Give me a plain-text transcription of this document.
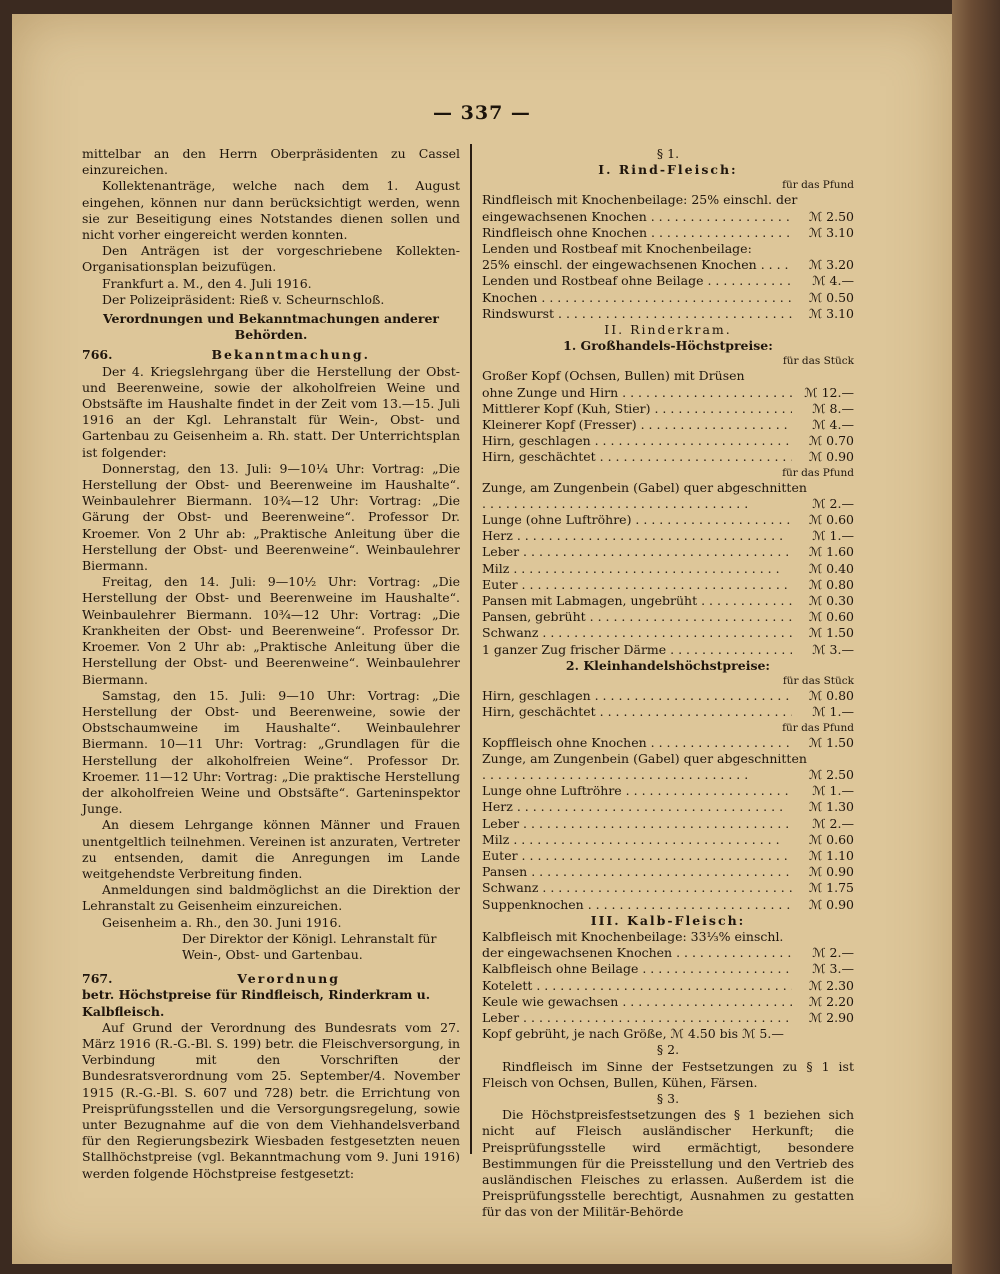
— 337 —

mittelbar an den Herrn Oberpräsidenten zu Cassel einzureichen.

Kollektenanträge, welche nach dem 1. August eingehen, können nur dann berücksichtigt werden, wenn sie zur Beseitigung eines Notstandes dienen sollen und nicht vorher eingereicht werden konnten.

Den Anträgen ist der vorgeschriebene Kollekten-Organisationsplan beizufügen.

Frankfurt a. M., den 4. Juli 1916.

Der Polizeipräsident: Rieß v. Scheurnschloß.

Verordnungen und Bekanntmachungen anderer Behörden.

766.	Bekanntmachung.

Der 4. Kriegslehrgang über die Herstellung der Obst- und Beerenweine, sowie der alkoholfreien Weine und Obstsäfte im Haushalte findet in der Zeit vom 13.—15. Juli 1916 an der Kgl. Lehranstalt für Wein-, Obst- und Gartenbau zu Geisenheim a. Rh. statt. Der Unterrichtsplan ist folgender:

Donnerstag, den 13. Juli: 9—10¼ Uhr: Vortrag: „Die Herstellung der Obst- und Beerenweine im Haushalte“. Weinbaulehrer Biermann. 10¾—12 Uhr: Vortrag: „Die Gärung der Obst- und Beerenweine“. Professor Dr. Kroemer. Von 2 Uhr ab: „Praktische Anleitung über die Herstellung der Obst- und Beerenweine“. Weinbaulehrer Biermann.

Freitag, den 14. Juli: 9—10½ Uhr: Vortrag: „Die Herstellung der Obst- und Beerenweine im Haushalte“. Weinbaulehrer Biermann. 10¾—12 Uhr: Vortrag: „Die Krankheiten der Obst- und Beerenweine“. Professor Dr. Kroemer. Von 2 Uhr ab: „Praktische Anleitung über die Herstellung der Obst- und Beerenweine“. Weinbaulehrer Biermann.

Samstag, den 15. Juli: 9—10 Uhr: Vortrag: „Die Herstellung der Obst- und Beerenweine, sowie der Obstschaumweine im Haushalte“. Weinbaulehrer Biermann. 10—11 Uhr: Vortrag: „Grundlagen für die Herstellung der alkoholfreien Weine“. Professor Dr. Kroemer. 11—12 Uhr: Vortrag: „Die praktische Herstellung der alkoholfreien Weine und Obstsäfte“. Garteninspektor Junge.

An diesem Lehrgange können Männer und Frauen unentgeltlich teilnehmen. Vereinen ist anzuraten, Vertreter zu entsenden, damit die Anregungen im Lande weitgehendste Verbreitung finden.

Anmeldungen sind baldmöglichst an die Direktion der Lehranstalt zu Geisenheim einzureichen.

Geisenheim a. Rh., den 30. Juni 1916.

Der Direktor der Königl. Lehranstalt für Wein-, Obst- und Gartenbau.

767.	Verordnung

betr. Höchstpreise für Rindfleisch, Rinderkram u. Kalbfleisch.

Auf Grund der Verordnung des Bundesrats vom 27. März 1916 (R.-G.-Bl. S. 199) betr. die Fleischversorgung, in Verbindung mit den Vorschriften der Bundesratsverordnung vom 25. September/4. November 1915 (R.-G.-Bl. S. 607 und 728) betr. die Errichtung von Preisprüfungsstellen und die Versorgungsregelung, sowie unter Bezugnahme auf die von dem Viehhandelsverband für den Regierungsbezirk Wiesbaden festgesetzten neuen Stallhöchstpreise (vgl. Bekanntmachung vom 9. Juni 1916) werden folgende Höchstpreise festgesetzt:

§ 1.

I. Rind-Fleisch:

für das Pfund

Rindfleisch mit Knochenbeilage: 25% einschl. der

eingewachsenen Knochen . . .	ℳ 2.50
Rindfleisch ohne Knochen . . .	ℳ 3.10

Lenden und Rostbeaf mit Knochenbeilage:

25% einschl. der eingewachsenen Knochen . . .	ℳ 3.20
Lenden und Rostbeaf ohne Beilage . . .	ℳ 4.—
Knochen . . .	ℳ 0.50
Rindswurst . . .	ℳ 3.10

II. Rinderkram.

1. Großhandels-Höchstpreise:

für das Stück

Großer Kopf (Ochsen, Bullen) mit Drüsen

ohne Zunge und Hirn . . .	ℳ 12.—
Mittlerer Kopf (Kuh, Stier) . . .	ℳ 8.—
Kleinerer Kopf (Fresser) . . .	ℳ 4.—
Hirn, geschlagen . . .	ℳ 0.70
Hirn, geschächtet . . .	ℳ 0.90

für das Pfund

Zunge, am Zungenbein (Gabel) quer abgeschnitten

. . .
ℳ 2.—
Lunge (ohne Luftröhre) . . .	ℳ 0.60
Herz . . .	ℳ 1.—
Leber . . .	ℳ 1.60
Milz . . .	ℳ 0.40
Euter . . .	ℳ 0.80
Pansen mit Labmagen, ungebrüht . . .	ℳ 0.30
Pansen, gebrüht . . .	ℳ 0.60
Schwanz . . .	ℳ 1.50
1 ganzer Zug frischer Därme . . .	ℳ 3.—

2. Kleinhandelshöchstpreise:

für das Stück

Hirn, geschlagen . . .	ℳ 0.80
Hirn, geschächtet . . .	ℳ 1.—

für das Pfund

Kopffleisch ohne Knochen . . .	ℳ 1.50

Zunge, am Zungenbein (Gabel) quer abgeschnitten

. . .
ℳ 2.50
Lunge ohne Luftröhre . . .	ℳ 1.—
Herz . . .	ℳ 1.30
Leber . . .	ℳ 2.—
Milz . . .	ℳ 0.60
Euter . . .	ℳ 1.10
Pansen . . .	ℳ 0.90
Schwanz . . .	ℳ 1.75
Suppenknochen . . .	ℳ 0.90

III. Kalb-Fleisch:

Kalbfleisch mit Knochenbeilage: 33⅓% einschl.

der eingewachsenen Knochen . . .	ℳ 2.—
Kalbfleisch ohne Beilage . . .	ℳ 3.—
Kotelett . . .	ℳ 2.30
Keule wie gewachsen . . .	ℳ 2.20
Leber . . .	ℳ 2.90

Kopf gebrüht, je nach Größe, ℳ 4.50 bis ℳ 5.—

§ 2.

Rindfleisch im Sinne der Festsetzungen zu § 1 ist Fleisch von Ochsen, Bullen, Kühen, Färsen.

§ 3.

Die Höchstpreisfestsetzungen des § 1 beziehen sich nicht auf Fleisch ausländischer Herkunft; die Preisprüfungsstelle wird ermächtigt, besondere Bestimmungen für die Preisstellung und den Vertrieb des ausländischen Fleisches zu erlassen. Außerdem ist die Preisprüfungsstelle berechtigt, Ausnahmen zu gestatten für das von der Militär-Behörde
